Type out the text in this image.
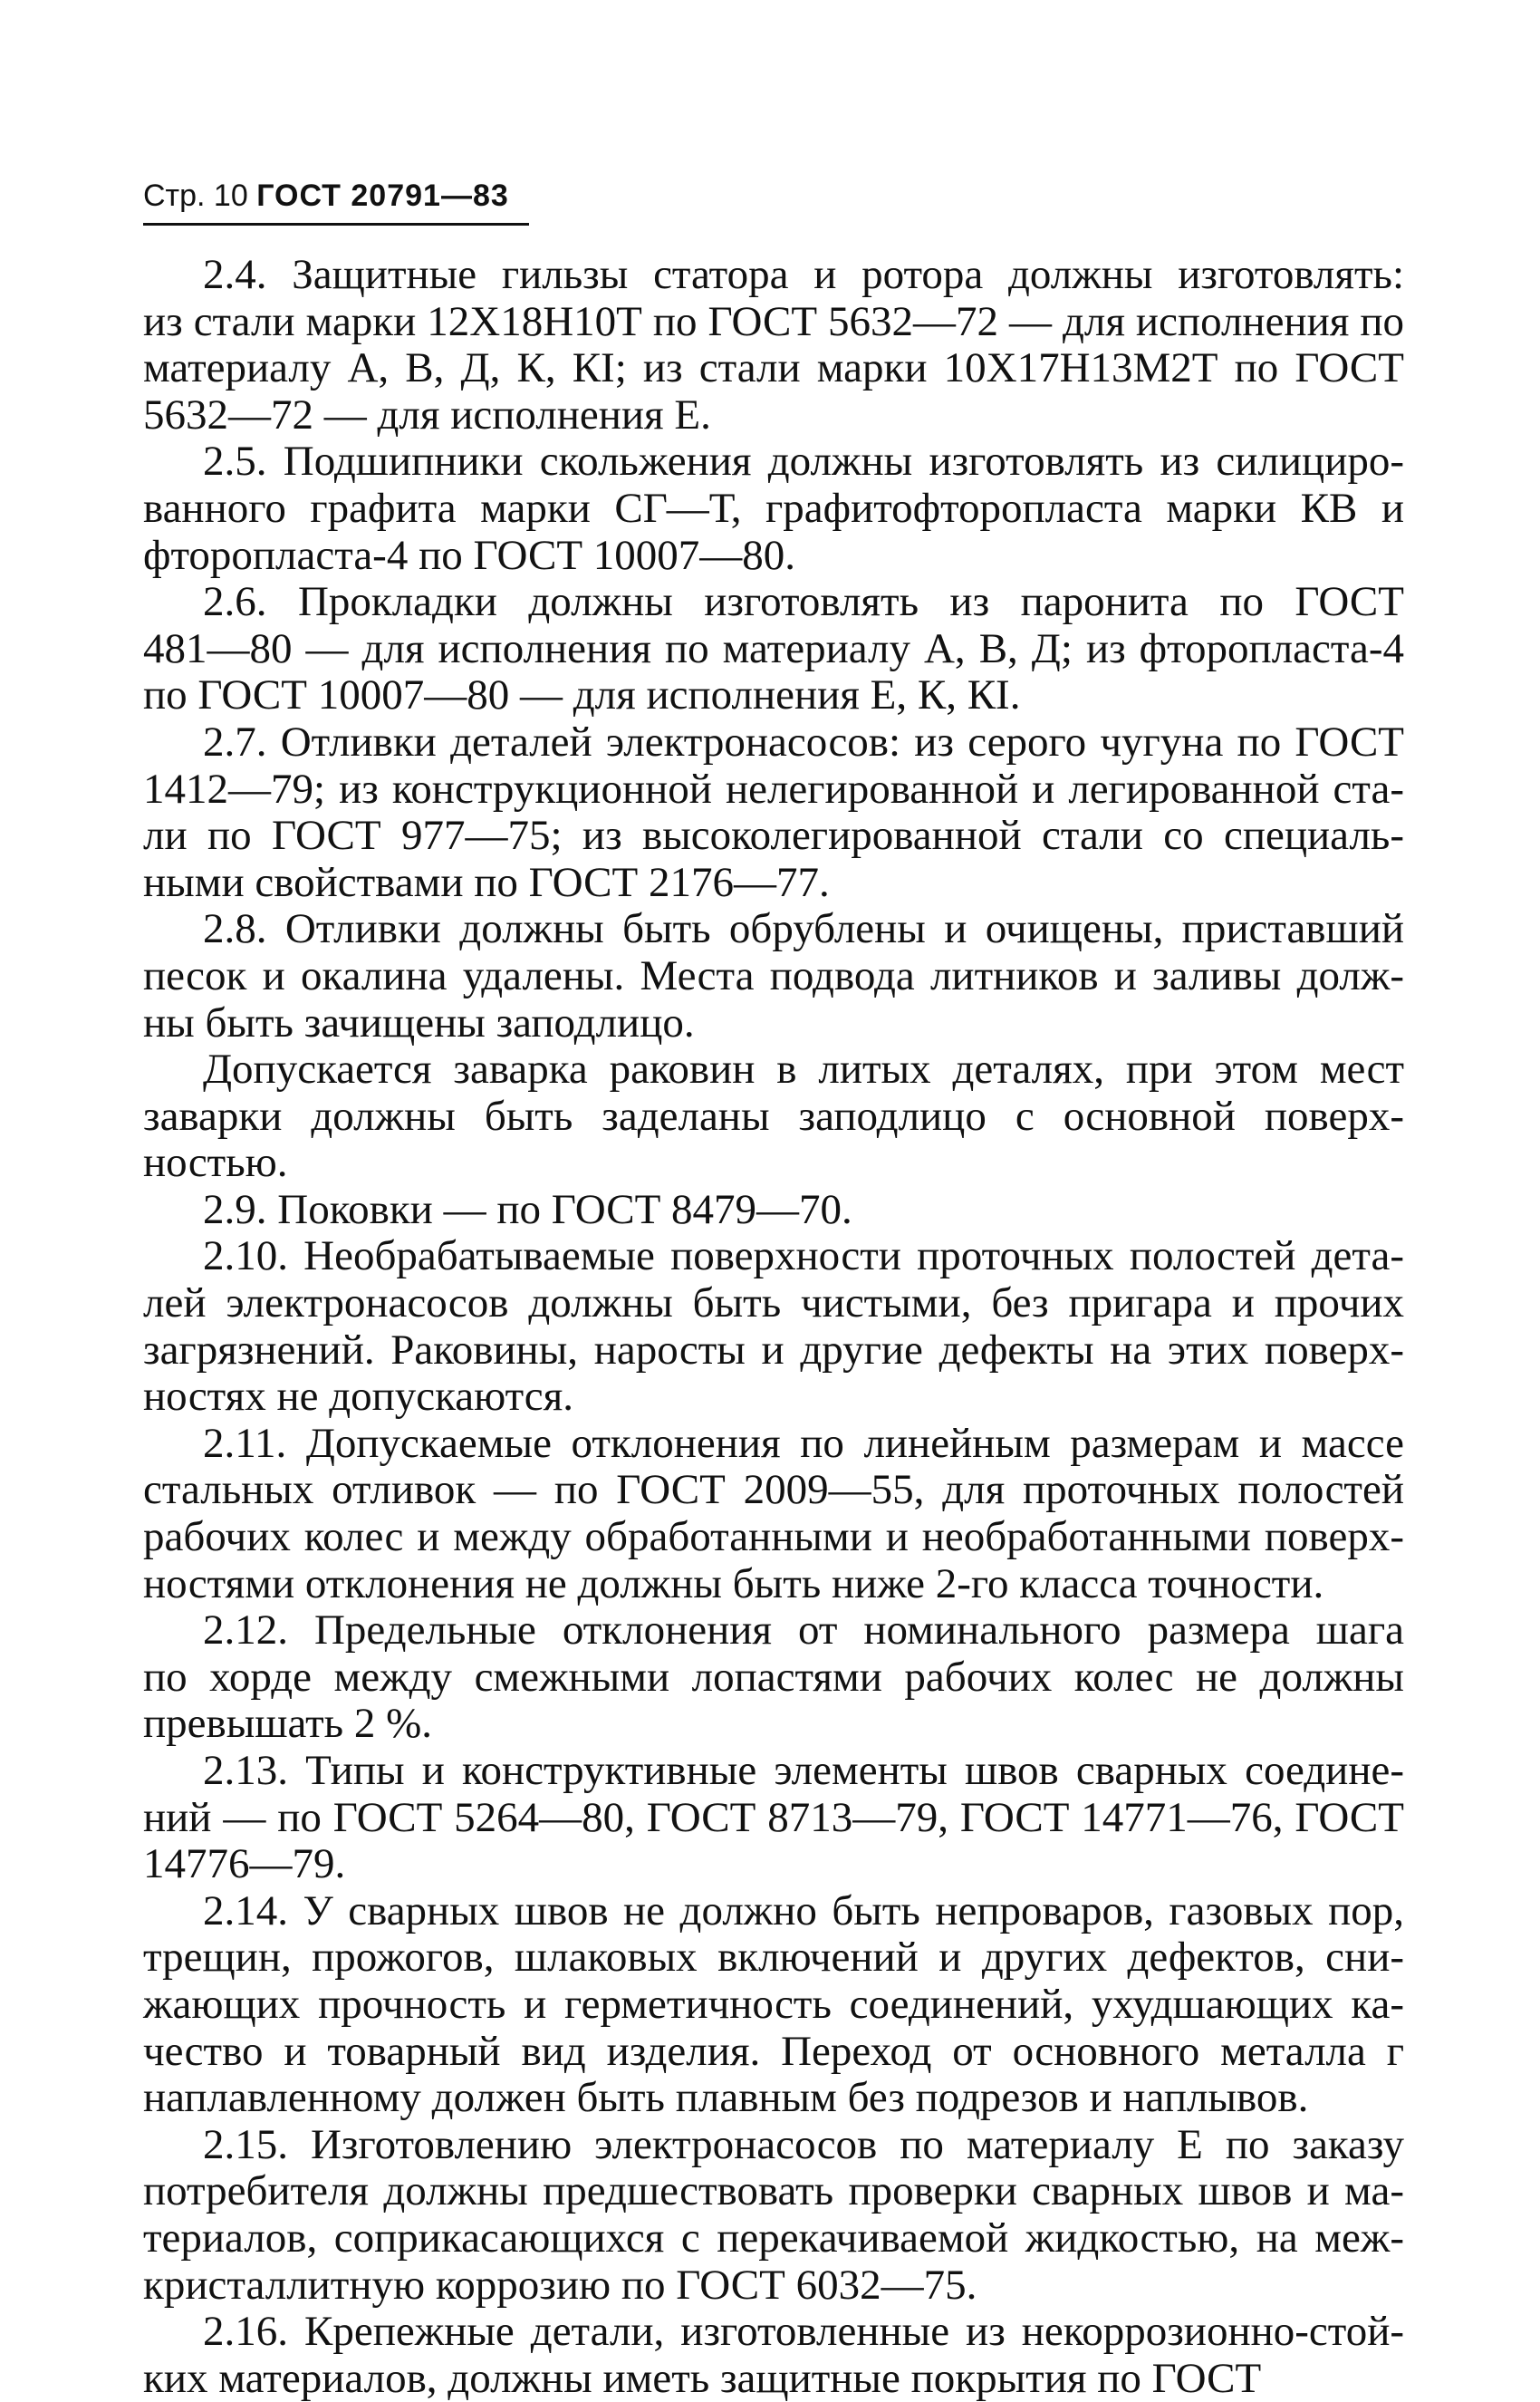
Стр. 10 ГОСТ 20791—83
2.4. Защитные гильзы статора и ротора должны изготовлять:
из стали марки 12Х18Н10Т по ГОСТ 5632—72 — для исполнения по
материалу А, В, Д, К, КI; из стали марки 10Х17Н13М2Т по ГОСТ
5632—72 — для исполнения Е.
2.5. Подшипники скольжения должны изготовлять из силициро-
ванного графита марки СГ—Т, графитофторопласта марки КВ и
фторопласта-4 по ГОСТ 10007—80.
2.6. Прокладки должны изготовлять из паронита по ГОСТ
481—80 — для исполнения по материалу А, В, Д; из фторопласта-4
по ГОСТ 10007—80 — для исполнения Е, К, КI.
2.7. Отливки деталей электронасосов: из серого чугуна по ГОСТ
1412—79; из конструкционной нелегированной и легированной ста-
ли по ГОСТ 977—75; из высоколегированной стали со специаль-
ными свойствами по ГОСТ 2176—77.
2.8. Отливки должны быть обрублены и очищены, приставший
песок и окалина удалены. Места подвода литников и заливы долж-
ны быть зачищены заподлицо.
Допускается заварка раковин в литых деталях, при этом мест
заварки должны быть заделаны заподлицо с основной поверх-
ностью.
2.9. Поковки — по ГОСТ 8479—70.
2.10. Необрабатываемые поверхности проточных полостей дета-
лей электронасосов должны быть чистыми, без пригара и прочих
загрязнений. Раковины, наросты и другие дефекты на этих поверх-
ностях не допускаются.
2.11. Допускаемые отклонения по линейным размерам и массе
стальных отливок — по ГОСТ 2009—55, для проточных полостей
рабочих колес и между обработанными и необработанными поверх-
ностями отклонения не должны быть ниже 2-го класса точности.
2.12. Предельные отклонения от номинального размера шага
по хорде между смежными лопастями рабочих колес не должны
превышать 2 %.
2.13. Типы и конструктивные элементы швов сварных соедине-
ний — по ГОСТ 5264—80, ГОСТ 8713—79, ГОСТ 14771—76, ГОСТ
14776—79.
2.14. У сварных швов не должно быть непроваров, газовых пор,
трещин, прожогов, шлаковых включений и других дефектов, сни-
жающих прочность и герметичность соединений, ухудшающих ка-
чество и товарный вид изделия. Переход от основного металла г
наплавленному должен быть плавным без подрезов и наплывов.
2.15. Изготовлению электронасосов по материалу Е по заказу
потребителя должны предшествовать проверки сварных швов и ма-
териалов, соприкасающихся с перекачиваемой жидкостью, на меж-
кристаллитную коррозию по ГОСТ 6032—75.
2.16. Крепежные детали, изготовленные из некоррозионно-стой-
ких материалов, должны иметь защитные покрытия по ГОСТ
